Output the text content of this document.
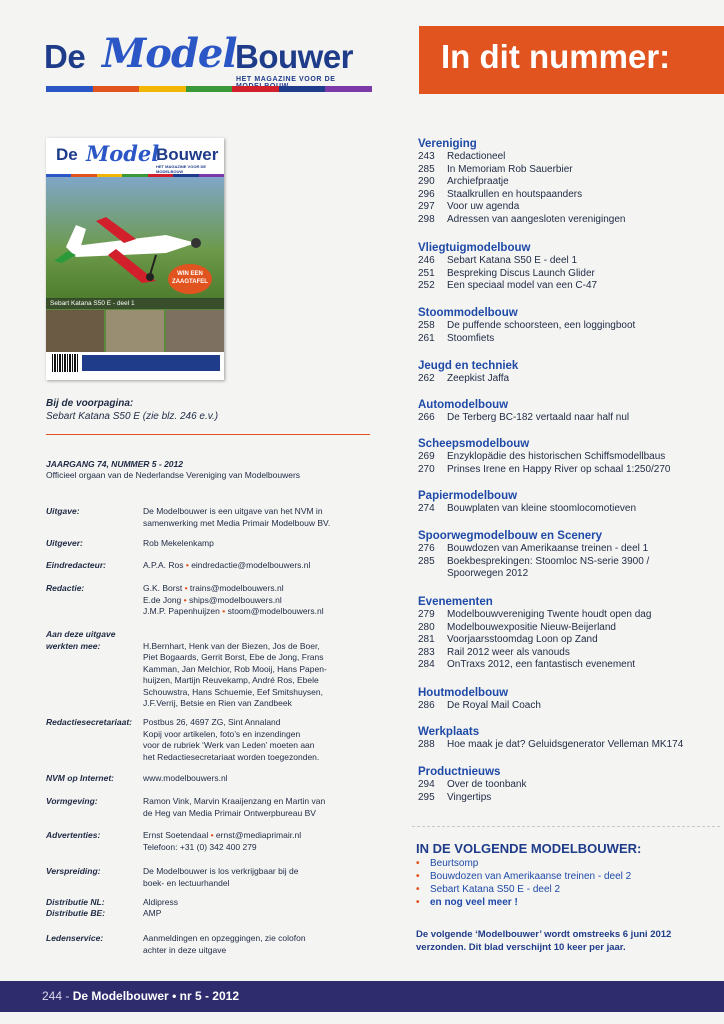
De Model
Bouwer
HET MAGAZINE VOOR DE
In dit nummer:
De Model
Bouwer
HET MAGAZINE VOOR DE MODELBOUW
WIN EEN
ZAAGTAFEL
Sebart Katana S50 E - deel 1
Bij de voorpagina:
Sebart Katana S50 E (zie blz. 246 e.v.)
JAARGANG 74, NUMMER 5 - 2012
Officieel orgaan van de Nederlandse Vereniging van Modelbouwers
Uitgave:	De Modelbouwer is een uitgave van het NVM in
samenwerking met Media Primair Modelbouw BV.
Uitgever:	Rob Mekelenkamp
Eindredacteur:	A.P.A. Ros • eindredactie@modelbouwers.nl
Redactie:	G.K. Borst • trains@modelbouwers.nl
E.de Jong • ships@modelbouwers.nl
J.M.P. Papenhuijzen • stoom@modelbouwers.nl
Aan deze uitgave werkten mee:
	H.Bernhart, Henk van der Biezen, Jos de Boer,
Piet Bogaards, Gerrit Borst, Ebe de Jong, Frans
Kamman, Jan Melchior, Rob Mooij, Hans Papen-
huijzen, Martijn Reuvekamp, André Ros, Ebele
Schouwstra, Hans Schuemie, Eef Smitshuysen,
J.F.Verrij, Betsie en Rien van Zandbeek
Redactiesecretariaat:	Postbus 26, 4697 ZG, Sint Annaland
Kopij voor artikelen, foto’s en inzendingen
voor de rubriek ‘Werk van Leden’ moeten aan
het Redactiesecretariaat worden toegezonden.
NVM op Internet:	www.modelbouwers.nl
Vormgeving:	Ramon Vink, Marvin Kraaijenzang en Martin van
de Heg van Media Primair Ontwerpbureau BV
Advertenties:	Ernst Soetendaal • ernst@mediaprimair.nl
Telefoon: +31 (0) 342 400 279
Verspreiding:	De Modelbouwer is los verkrijgbaar bij de
boek- en lectuurhandel
Distributie NL:	Aldipress
Distributie BE:	AMP
Ledenservice:	Aanmeldingen en opzeggingen, zie colofon
achter in deze uitgave
Vereniging
243 Redactioneel
285 In Memoriam Rob Sauerbier
290 Archiefpraatje
296 Staalkrullen en houtspaanders
297 Voor uw agenda
298 Adressen van aangesloten verenigingen
Vliegtuigmodelbouw
246 Sebart Katana S50 E - deel 1
251 Bespreking Discus Launch Glider
252 Een speciaal model van een C-47
Stoommodelbouw
258 De puffende schoorsteen, een loggingboot
261 Stoomfiets
Jeugd en techniek
262 Zeepkist Jaffa
Automodelbouw
266 De Terberg BC-182 vertaald naar half nul
Scheepsmodelbouw
269 Enzyklopädie des historischen Schiffsmodellbaus
270 Prinses Irene en Happy River op schaal 1:250/270
Papiermodelbouw
274 Bouwplaten van kleine stoomlocomotieven
Spoorwegmodelbouw en Scenery
276 Bouwdozen van Amerikaanse treinen - deel 1
285 Boekbesprekingen: Stoomloc NS-serie 3900 / Spoorwegen 2012
Evenementen
279 Modelbouwvereniging Twente houdt open dag
280 Modelbouwexpositie Nieuw-Beijerland
281 Voorjaarsstoomdag Loon op Zand
283 Rail 2012 weer als vanouds
284 OnTraxs 2012, een fantastisch evenement
Houtmodelbouw
286 De Royal Mail Coach
Werkplaats
288 Hoe maak je dat? Geluidsgenerator Velleman MK174
Productnieuws
294 Over de toonbank
295 Vingertips
IN DE VOLGENDE MODELBOUWER:
• Beurtsomp
• Bouwdozen van Amerikaanse treinen - deel 2
• Sebart Katana S50 E - deel 2
• en nog veel meer !
De volgende ‘Modelbouwer’ wordt omstreeks 6 juni 2012 verzonden. Dit blad verschijnt 10 keer per jaar.
244 - De Modelbouwer • nr 5 - 2012
